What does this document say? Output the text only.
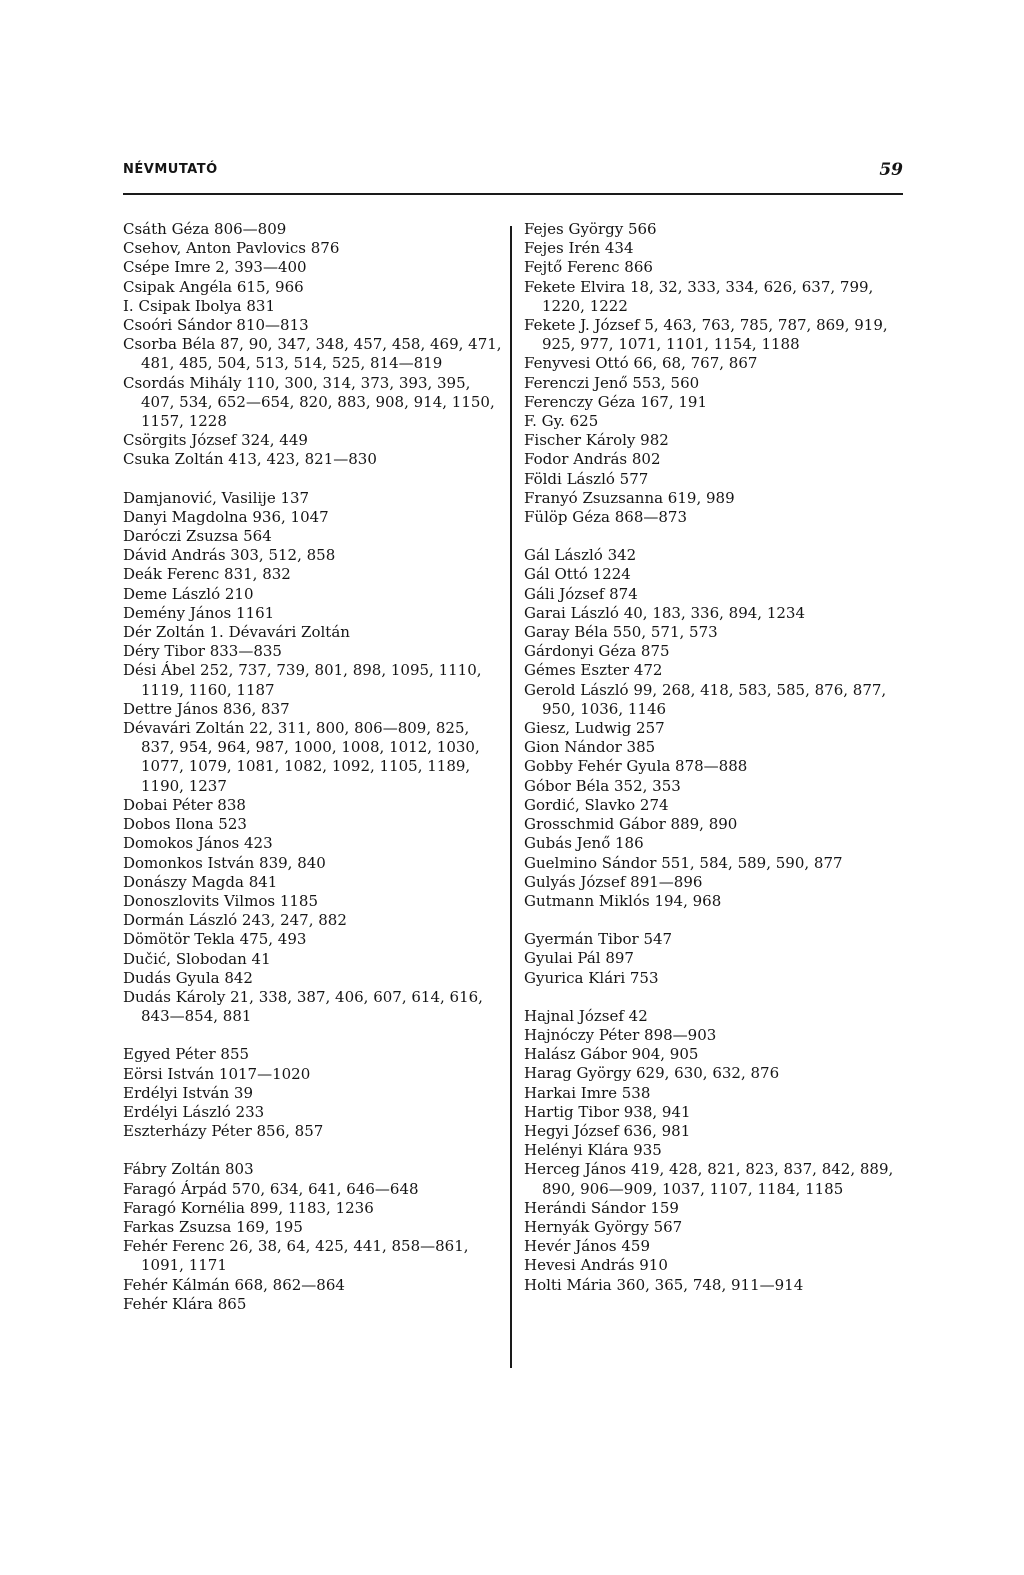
NÉVMUTATÓ	59
Csáth Géza 806—809
Csehov, Anton Pavlovics 876
Csépe Imre 2, 393—400
Csipak Angéla 615, 966
I. Csipak Ibolya 831
Csoóri Sándor 810—813
Csorba Béla 87, 90, 347, 348, 457, 458, 469, 471, 481, 485, 504, 513, 514, 525, 814—819
Csordás Mihály 110, 300, 314, 373, 393, 395, 407, 534, 652—654, 820, 883, 908, 914, 1150, 1157, 1228
Csörgits József 324, 449
Csuka Zoltán 413, 423, 821—830
Damjanović, Vasilije 137
Danyi Magdolna 936, 1047
Daróczi Zsuzsa 564
Dávid András 303, 512, 858
Deák Ferenc 831, 832
Deme László 210
Demény János 1161
Dér Zoltán 1. Dévavári Zoltán
Déry Tibor 833—835
Dési Ábel 252, 737, 739, 801, 898, 1095, 1110, 1119, 1160, 1187
Dettre János 836, 837
Dévavári Zoltán 22, 311, 800, 806—809, 825, 837, 954, 964, 987, 1000, 1008, 1012, 1030, 1077, 1079, 1081, 1082, 1092, 1105, 1189, 1190, 1237
Dobai Péter 838
Dobos Ilona 523
Domokos János 423
Domonkos István 839, 840
Donászy Magda 841
Donoszlovits Vilmos 1185
Dormán László 243, 247, 882
Dömötör Tekla 475, 493
Dučić, Slobodan 41
Dudás Gyula 842
Dudás Károly 21, 338, 387, 406, 607, 614, 616, 843—854, 881
Egyed Péter 855
Eörsi István 1017—1020
Erdélyi István 39
Erdélyi László 233
Eszterházy Péter 856, 857
Fábry Zoltán 803
Faragó Árpád 570, 634, 641, 646—648
Faragó Kornélia 899, 1183, 1236
Farkas Zsuzsa 169, 195
Fehér Ferenc 26, 38, 64, 425, 441, 858—861, 1091, 1171
Fehér Kálmán 668, 862—864
Fehér Klára 865
Fejes György 566
Fejes Irén 434
Fejtő Ferenc 866
Fekete Elvira 18, 32, 333, 334, 626, 637, 799, 1220, 1222
Fekete J. József 5, 463, 763, 785, 787, 869, 919, 925, 977, 1071, 1101, 1154, 1188
Fenyvesi Ottó 66, 68, 767, 867
Ferenczi Jenő 553, 560
Ferenczy Géza 167, 191
F. Gy. 625
Fischer Károly 982
Fodor András 802
Földi László 577
Franyó Zsuzsanna 619, 989
Fülöp Géza 868—873
Gál László 342
Gál Ottó 1224
Gáli József 874
Garai László 40, 183, 336, 894, 1234
Garay Béla 550, 571, 573
Gárdonyi Géza 875
Gémes Eszter 472
Gerold László 99, 268, 418, 583, 585, 876, 877, 950, 1036, 1146
Giesz, Ludwig 257
Gion Nándor 385
Gobby Fehér Gyula 878—888
Góbor Béla 352, 353
Gordić, Slavko 274
Grosschmid Gábor 889, 890
Gubás Jenő 186
Guelmino Sándor 551, 584, 589, 590, 877
Gulyás József 891—896
Gutmann Miklós 194, 968
Gyermán Tibor 547
Gyulai Pál 897
Gyurica Klári 753
Hajnal József 42
Hajnóczy Péter 898—903
Halász Gábor 904, 905
Harag György 629, 630, 632, 876
Harkai Imre 538
Hartig Tibor 938, 941
Hegyi József 636, 981
Helényi Klára 935
Herceg János 419, 428, 821, 823, 837, 842, 889, 890, 906—909, 1037, 1107, 1184, 1185
Herándi Sándor 159
Hernyák György 567
Hevér János 459
Hevesi András 910
Holti Mária 360, 365, 748, 911—914
